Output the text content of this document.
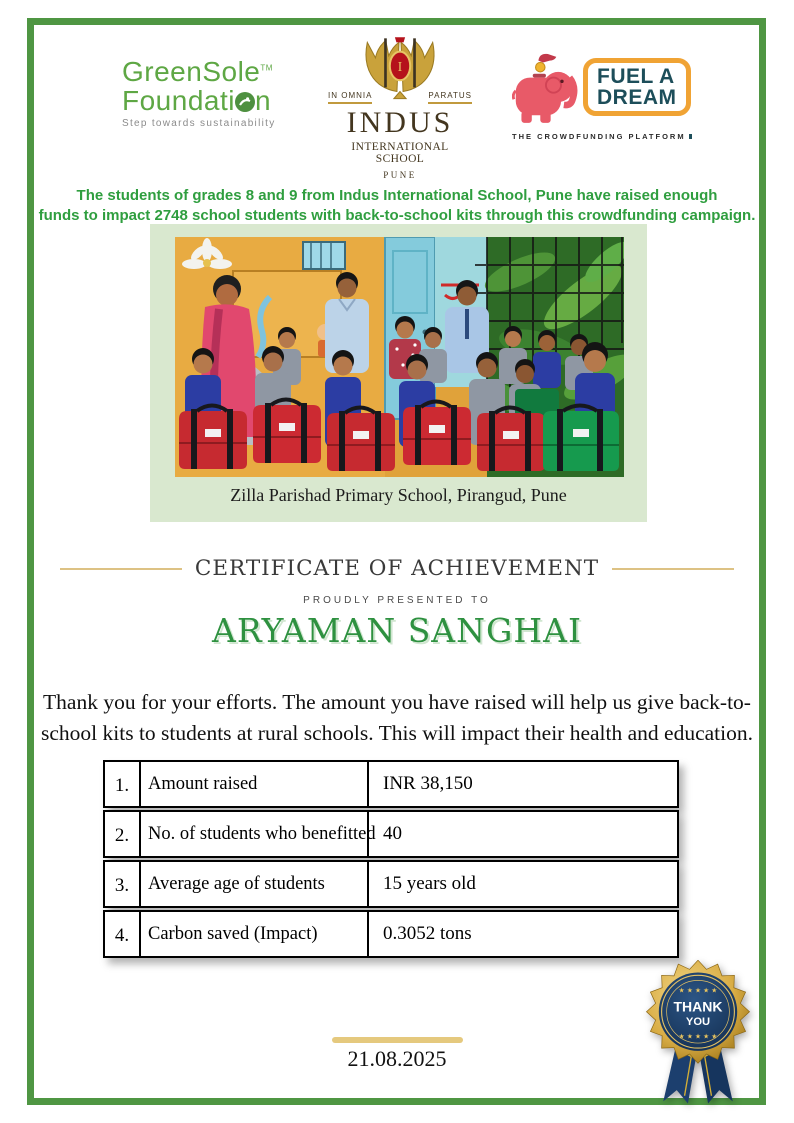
GreenSole™
Foundati n
Step towards sustainability
I
IN OMNIA	PARATUS
INDUS
INTERNATIONAL SCHOOL
PUNE
FUEL A
DREAM
THE CROWDFUNDING PLATFORM

The students of grades 8 and 9 from Indus International School, Pune have raised enough
funds to impact 2748 school students with back-to-school kits through this crowdfunding campaign.

Zilla Parishad Primary School, Pirangud, Pune
CERTIFICATE OF ACHIEVEMENT
PROUDLY PRESENTED TO
ARYAMAN SANGHAI

Thank you for your efforts. The amount you have raised will help us give back-to-
school kits to students at rural schools. This will impact their health and education.

1.	Amount raised	INR 38,150
2.	No. of students who benefitted 40
3.	Average age of students	15 years old
4.	Carbon saved (Impact)	0.3052 tons
21.08.2025
★ ★ ★ ★ ★
THANK
YOU
★ ★ ★ ★ ★
